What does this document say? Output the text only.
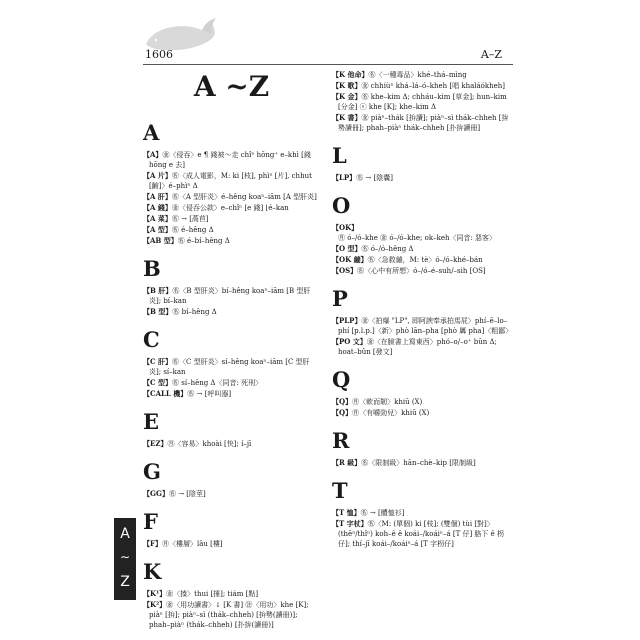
1606	A–Z
A ~Z
A
【A】㊎〈侵吞〉e ¶ 錢被～走 chîⁿ hōng⁺ e–khì [錢 hōng e 去]
【A 片】㊔〈成人電影，M: ki [枝], phìⁿ [片], chhut [齣]〉é–phìⁿ Δ
【A 肝】㊔〈A 型肝炎〉é–hêng koaⁿ–iām [A 型肝炎]
【A 錢】㊎〈侵吞公款〉e–chîⁿ [e 錢] ⌊é–kan
【A 菜】㊔ → [萵苣]
【A 型】㊔ é–hêng Δ
【AB 型】㊔ é–bí–hêng Δ
B
【B 肝】㊔〈B 型肝炎〉bí–hêng koaⁿ–iām [B 型肝炎]; bí–kan
【B 型】㊔ bí–hêng Δ
C
【C 肝】㊔〈C 型肝炎〉sí–hêng koaⁿ–iām [C 型肝炎]; sí–kan
【C 型】㊔ sí–hêng Δ〈同音: 死刑〉
【CALL 機】㊔ → [呼叫器]
E
【EZ】㊊〈容易〉khoài [快]; í–jī
G
【GG】㊔ → [陰莖]
F
【F】㊊〈樓層〉lâu [樓]
K
【K¹】㊎〈揍〉thui [捶]; tiám [點]
【K²】㊎〈用功讀書〉↓ [K 書] ㊟〈用功〉khe [K]; piàⁿ [拚]; piàⁿ–sì (thák–chheh) [拚勢(讀冊)]; phah–piàⁿ (thák–chheh) [扑拚(讀冊)]
【K 他命】㊔〈一種毒品〉khé–thá–mìng
【K 歌】㊎ chhiùⁿ khá–lá–ó–kheh [唱 khaláókheh]
【K 金】㊔ khe–kim Δ; chháu–kim [草金]; hun–kim [分金] ⓢ khe [K]; khe–kim Δ
【K 書】㊎ piàⁿ–thák [拚讀]; piàⁿ–sì thák–chheh [拚勢讀冊]; phah–piàⁿ thák–chheh [扑拚讀冊]
L
【LP】㊔ → [陰囊]
O
【OK】㊊ ó–/ó–khe ㊎ ó–/ó–khe; ok–keh〈同音: 惡客〉
【O 型】㊔ ó–/ó–hêng Δ
【OK 繃】㊔〈急救繃，M: tè〉ó–/ó–khé–bán
【OS】㊔〈心中有所想〉ó–/ó–é–suh/–sih [OS]
P
【PLP】㊎〈拍爆 "LP", 即阿諛奉承拍馬屁〉phí–ē–lo–phí [p.l.p.]〈新〉phò lān–pha [phò 羼 pha]〈粗鄙〉
【PO 文】㊎〈在臉書上寫東西〉phó–o/–o⁺ bûn Δ; hoat–bûn [發文]
Q
【Q】㊊〈軟而韌〉khiū (X)
【Q】㊊〈有嚼勁兒〉khiū (X)
R
【R 級】㊔〈限制級〉hān–chè–kip [限制級]
T
【T 恤】㊔ → [體恤衫]
【T 字杖】㊔〈M: (單個) ki [枝]; (雙個) tùi [對]〉(thêⁿ/thîⁿ) koh–ê ê koái–/koáiⁿ–á [T 仔] 胳下 ê 枴仔]; thí–jī koái–/koáiⁿ–á [T 字枴仔]
A
∼
Z
